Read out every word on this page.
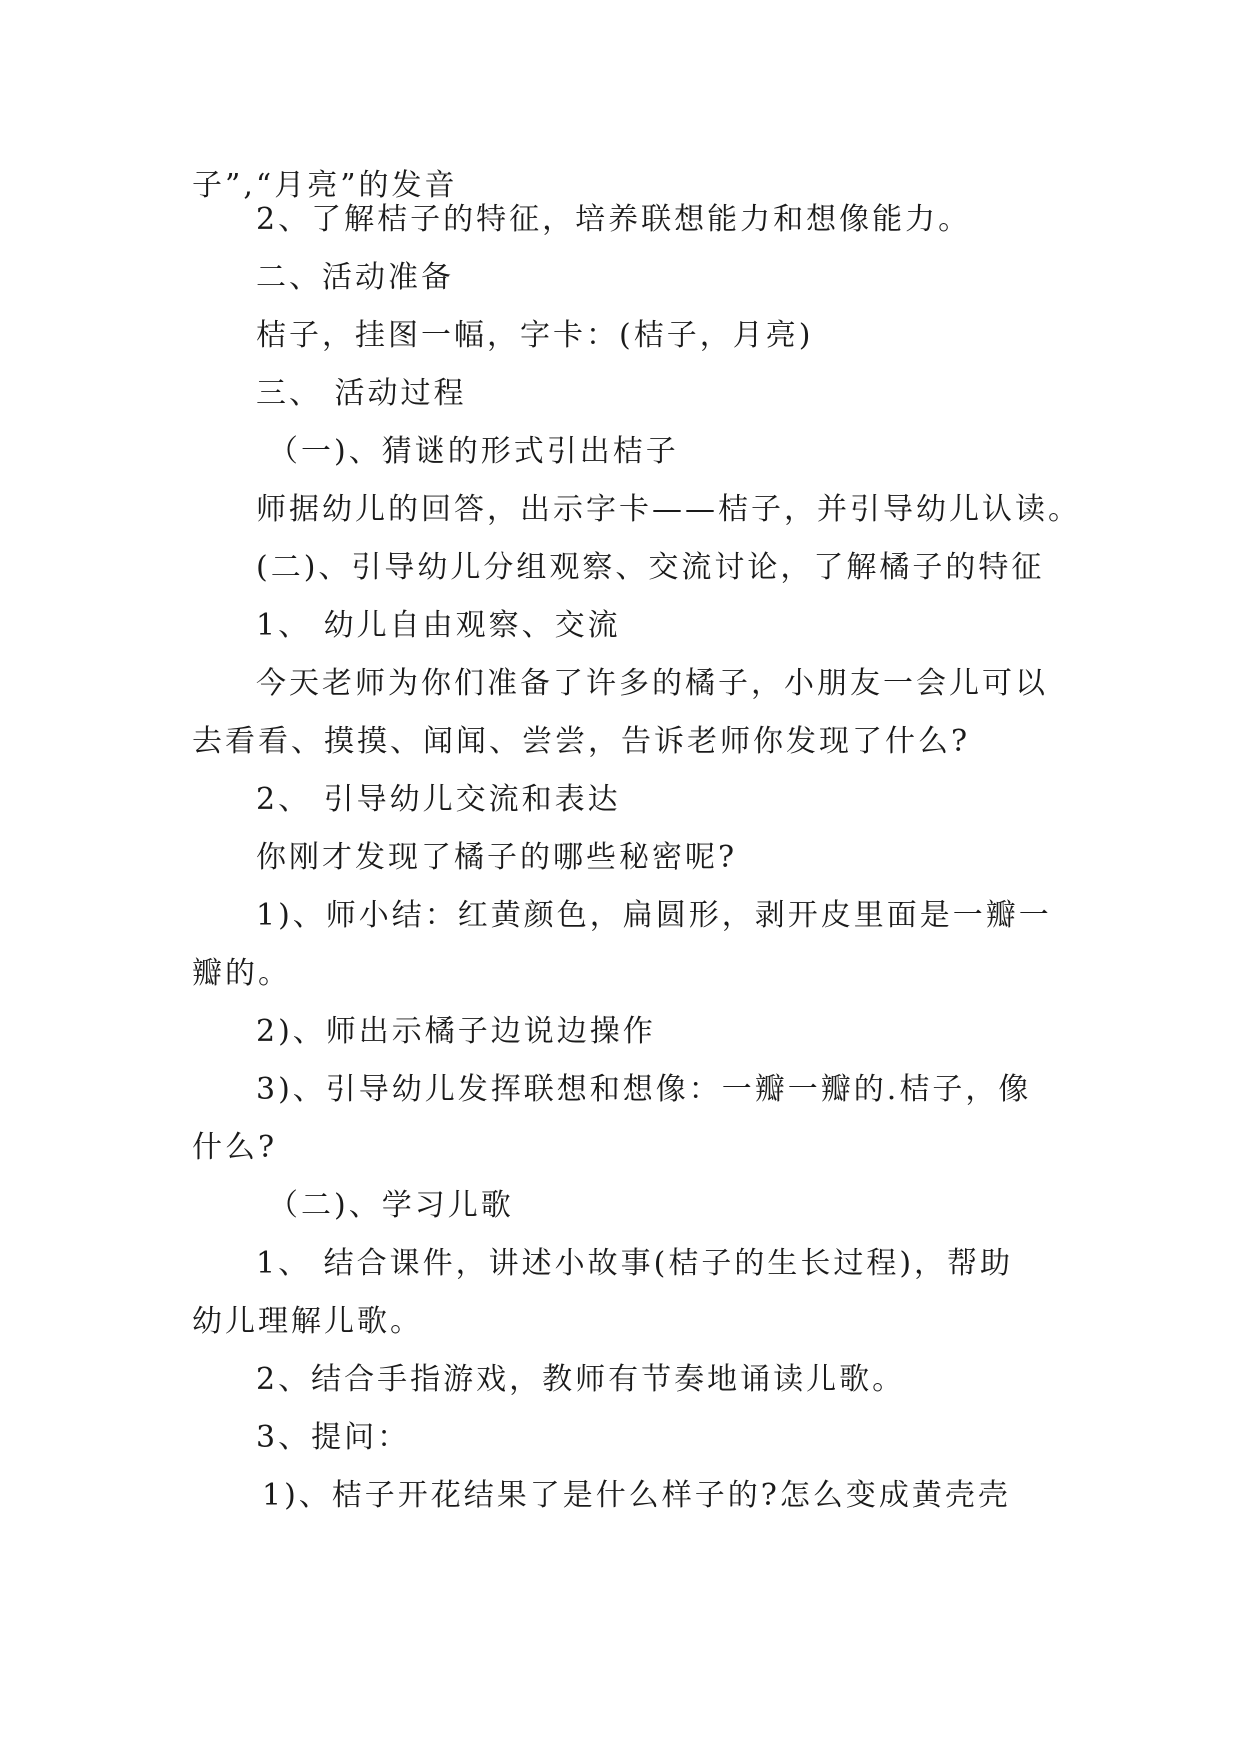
子”,“月亮”的发音
2、了解桔子的特征，培养联想能力和想像能力。
二、活动准备
桔子，挂图一幅，字卡：(桔子，月亮)
三、 活动过程
（一)、猜谜的形式引出桔子
师据幼儿的回答，出示字卡——桔子，并引导幼儿认读。
(二)、引导幼儿分组观察、交流讨论，了解橘子的特征
1、 幼儿自由观察、交流
今天老师为你们准备了许多的橘子，小朋友一会儿可以
去看看、摸摸、闻闻、尝尝，告诉老师你发现了什么?
2、 引导幼儿交流和表达
你刚才发现了橘子的哪些秘密呢?
1)、师小结：红黄颜色，扁圆形，剥开皮里面是一瓣一
瓣的。
2)、师出示橘子边说边操作
3)、引导幼儿发挥联想和想像：一瓣一瓣的.桔子，像
什么?
（二)、学习儿歌
1、 结合课件，讲述小故事(桔子的生长过程)，帮助
幼儿理解儿歌。
2、结合手指游戏，教师有节奏地诵读儿歌。
3、提问：
1)、桔子开花结果了是什么样子的?怎么变成黄壳壳
